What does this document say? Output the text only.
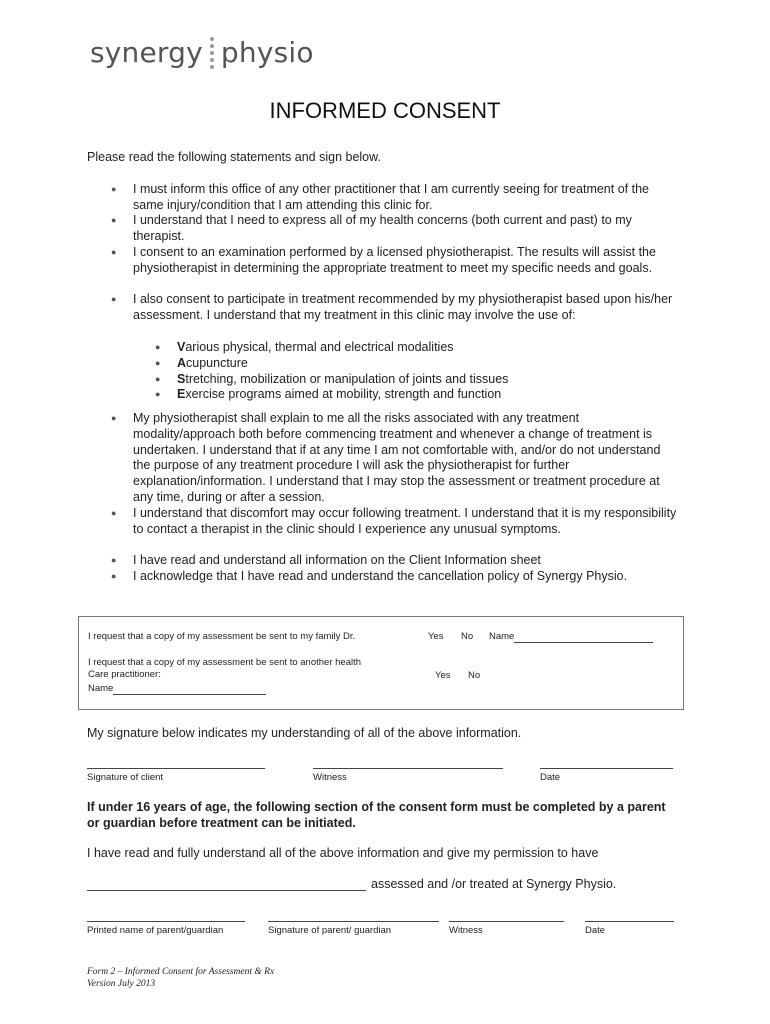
synergy physio
INFORMED CONSENT
Please read the following statements and sign below.
● I must inform this office of any other practitioner that I am currently seeing for treatment of the same injury/condition that I am attending this clinic for.
● I understand that I need to express all of my health concerns (both current and past) to my therapist.
● I consent to an examination performed by a licensed physiotherapist. The results will assist the physiotherapist in determining the appropriate treatment to meet my specific needs and goals.
● I also consent to participate in treatment recommended by my physiotherapist based upon his/her assessment. I understand that my treatment in this clinic may involve the use of:
● Various physical, thermal and electrical modalities
● Acupuncture
● Stretching, mobilization or manipulation of joints and tissues
● Exercise programs aimed at mobility, strength and function
● My physiotherapist shall explain to me all the risks associated with any treatment modality/approach both before commencing treatment and whenever a change of treatment is undertaken. I understand that if at any time I am not comfortable with, and/or do not understand the purpose of any treatment procedure I will ask the physiotherapist for further explanation/information. I understand that I may stop the assessment or treatment procedure at any time, during or after a session.
● I understand that discomfort may occur following treatment. I understand that it is my responsibility to contact a therapist in the clinic should I experience any unusual symptoms.
● I have read and understand all information on the Client Information sheet
● I acknowledge that I have read and understand the cancellation policy of Synergy Physio.
I request that a copy of my assessment be sent to my family Dr.	Yes No Name
I request that a copy of my assessment be sent to another health
Care practitioner:	Yes No
Name
My signature below indicates my understanding of all of the above information.
Signature of client	Witness	Date
If under 16 years of age, the following section of the consent form must be completed by a parent or guardian before treatment can be initiated.
I have read and fully understand all of the above information and give my permission to have
assessed and /or treated at Synergy Physio.
Printed name of parent/guardian	Signature of parent/ guardian	Witness	Date
Form 2 – Informed Consent for Assessment & Rx
Version July 2013
